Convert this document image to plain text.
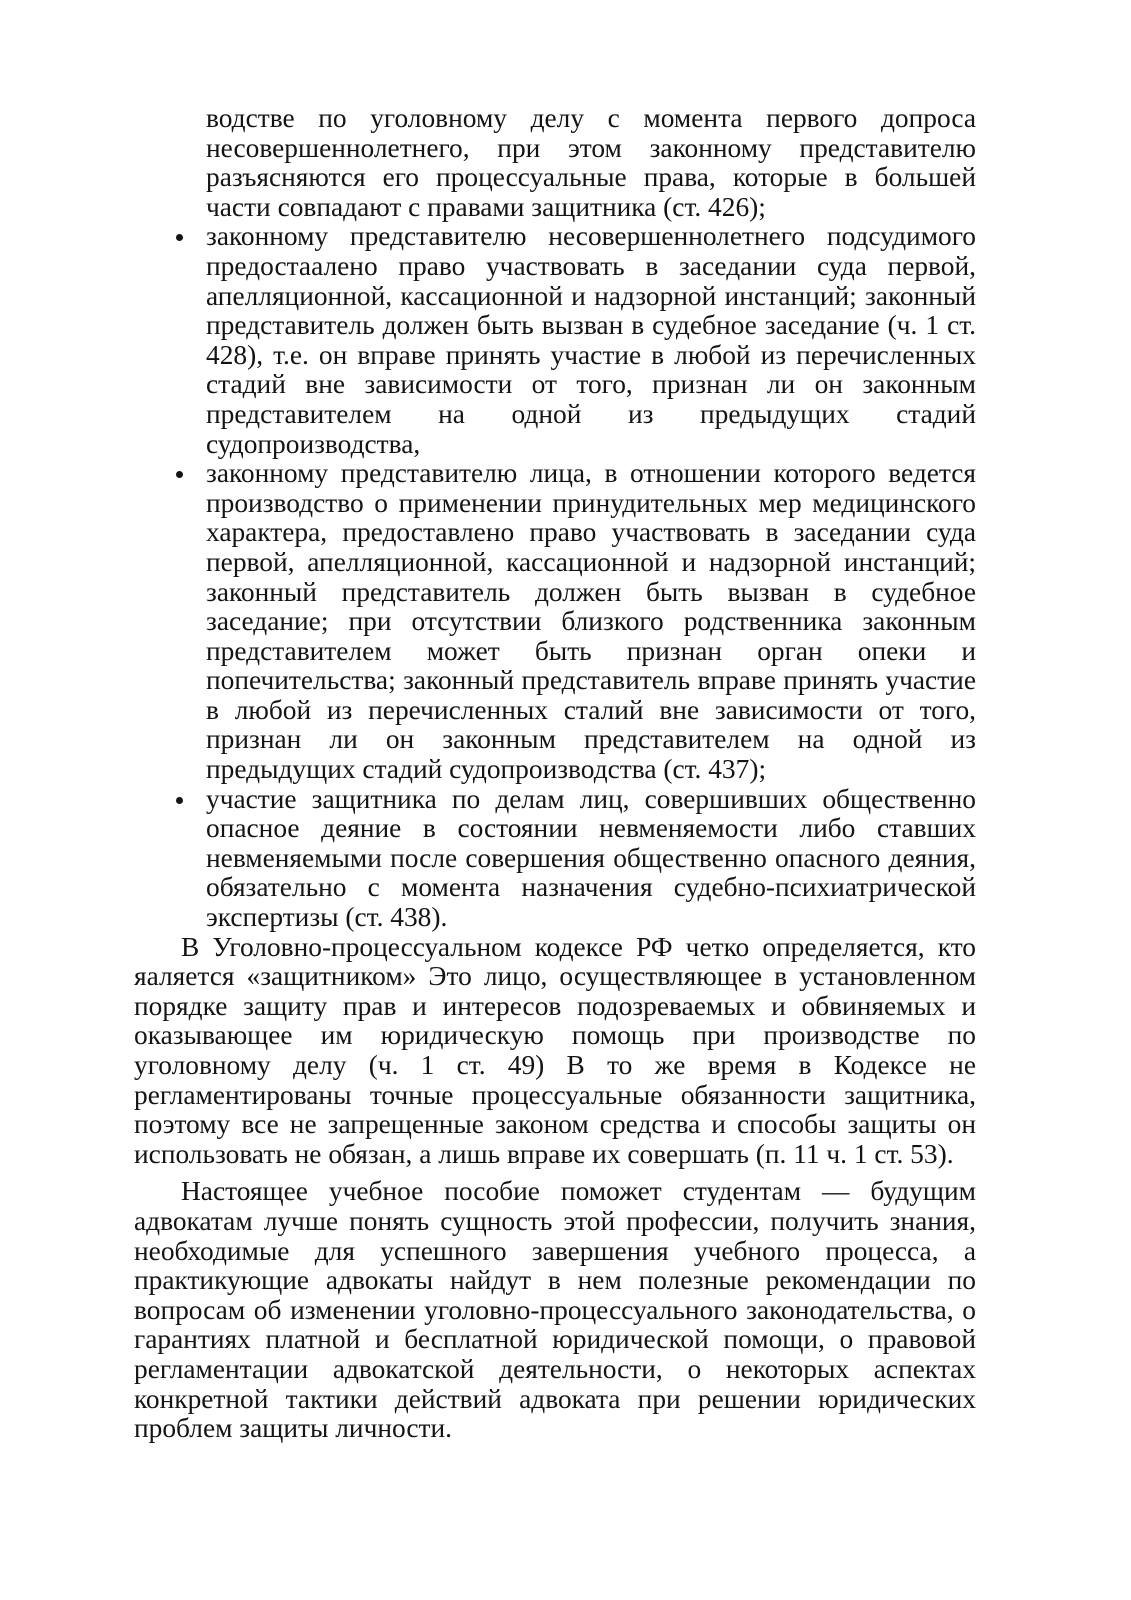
водстве по уголовному делу с момента первого допроса несовершеннолетнего, при этом законному представителю разъясняются его процессуальные права, которые в большей части совпадают с правами защитника (ст. 426);
законному представителю несовершеннолетнего подсудимого предостаалено право участвовать в заседании суда первой, апелляционной, кассационной и надзорной инстанций; законный представитель должен быть вызван в судебное заседание (ч. 1 ст. 428), т.е. он вправе принять участие в любой из перечисленных стадий вне зависимости от того, признан ли он законным представителем на одной из предыдущих стадий судопроизводства,
законному представителю лица, в отношении которого ведется производство о применении принудительных мер медицинского характера, предоставлено право участвовать в заседании суда первой, апелляционной, кассационной и надзорной инстанций; законный представитель должен быть вызван в судебное заседание; при отсутствии близкого родственника законным представителем может быть признан орган опеки и попечительства; законный представитель вправе принять участие в любой из перечисленных сталий вне зависимости от того, признан ли он законным представителем на одной из предыдущих стадий судопроизводства (ст. 437);
участие защитника по делам лиц, совершивших общественно опасное деяние в состоянии невменяемости либо ставших невменяемыми после совершения общественно опасного деяния, обязательно с момента назначения судебно-психиатрической экспертизы (ст. 438).

В Уголовно-процессуальном кодексе РФ четко определяется, кто яаляется «защитником» Это лицо, осуществляющее в установленном порядке защиту прав и интересов подозреваемых и обвиняемых и оказывающее им юридическую помощь при производстве по уголовному делу (ч. 1 ст. 49) В то же время в Кодексе не регламентированы точные процессуальные обязанности защитника, поэтому все не запрещенные законом средства и способы защиты он использовать не обязан, а лишь вправе их совершать (п. 11 ч. 1 ст. 53).

Настоящее учебное пособие поможет студентам — будущим адвокатам лучше понять сущность этой профессии, получить знания, необходимые для успешного завершения учебного процесса, а практикующие адвокаты найдут в нем полезные рекомендации по вопросам об изменении уголовно-процессуального законодательства, о гарантиях платной и бесплатной юридической помощи, о правовой регламентации адвокатской деятельности, о некоторых аспектах конкретной тактики действий адвоката при решении юридических проблем защиты личности.
